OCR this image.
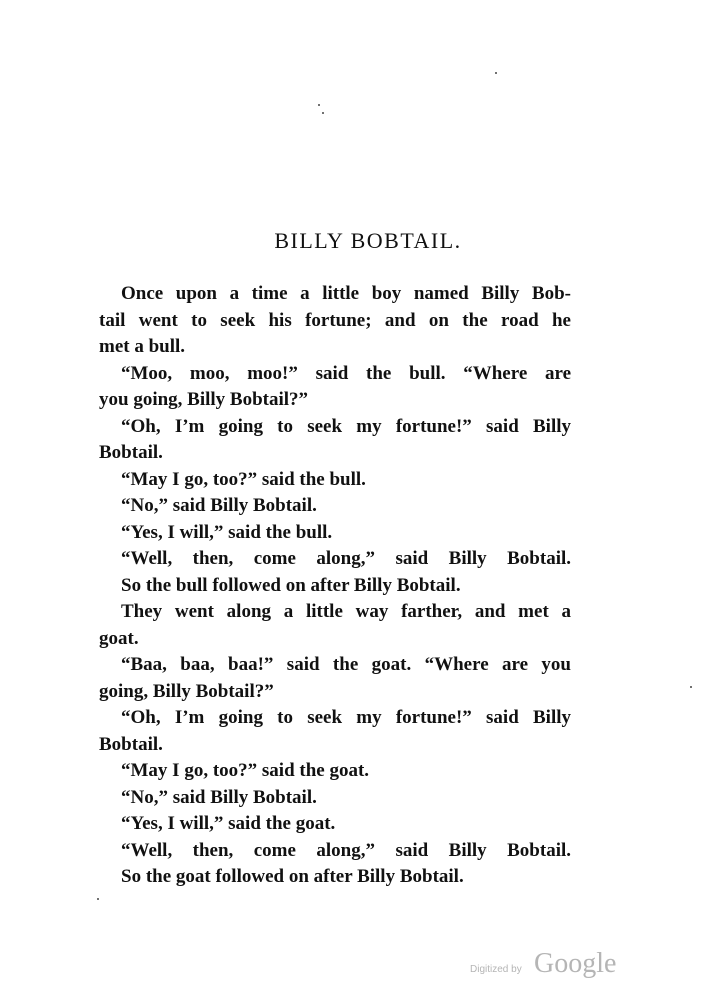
BILLY BOBTAIL.
Once upon a time a little boy named Billy Bob-
tail went to seek his fortune; and on the road he
met a bull.
“Moo, moo, moo!” said the bull. “Where are
you going, Billy Bobtail?”
“Oh, I’m going to seek my fortune!” said Billy
Bobtail.
“May I go, too?” said the bull.
“No,” said Billy Bobtail.
“Yes, I will,” said the bull.
“Well, then, come along,” said Billy Bobtail.
So the bull followed on after Billy Bobtail.
They went along a little way farther, and met a
goat.
“Baa, baa, baa!” said the goat. “Where are you
going, Billy Bobtail?”
“Oh, I’m going to seek my fortune!” said Billy
Bobtail.
“May I go, too?” said the goat.
“No,” said Billy Bobtail.
“Yes, I will,” said the goat.
“Well, then, come along,” said Billy Bobtail.
So the goat followed on after Billy Bobtail.
Digitized by Google
